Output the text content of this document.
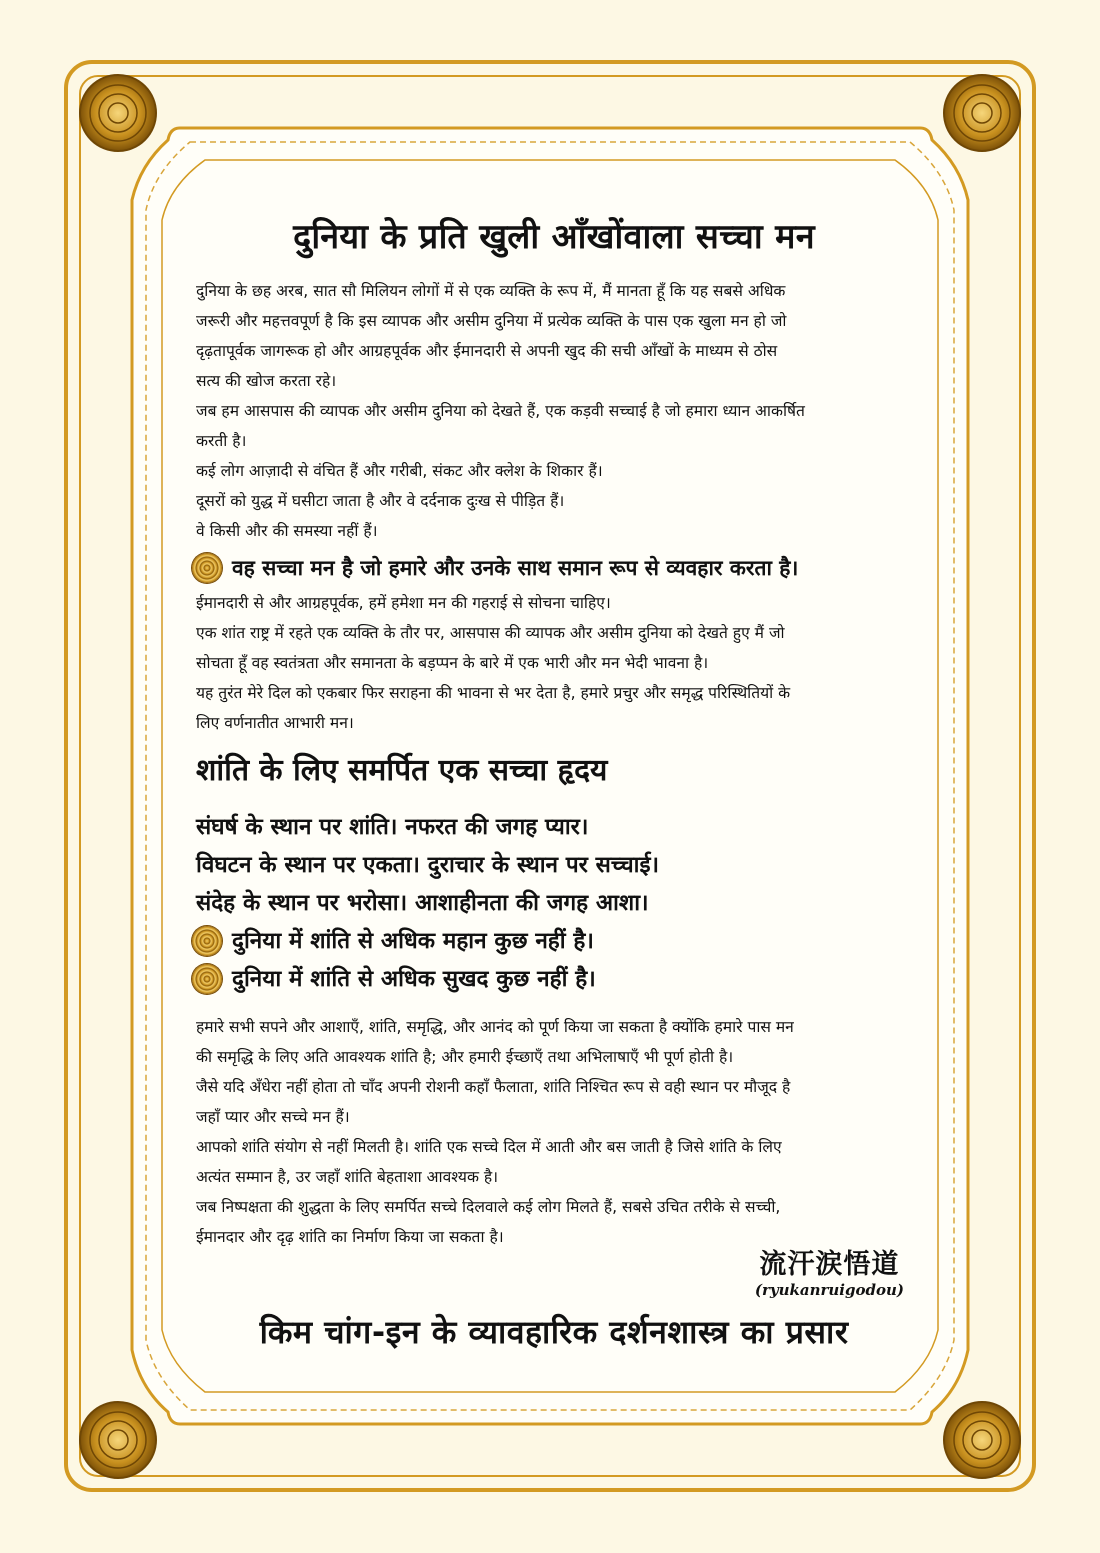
दुनिया के प्रति खुली आँखोंवाला सच्चा मन

दुनिया के छह अरब, सात सौ मिलियन लोगों में से एक व्यक्ति के रूप में, मैं मानता हूँ कि यह सबसे अधिक

जरूरी और महत्तवपूर्ण है कि इस व्यापक और असीम दुनिया में प्रत्येक व्यक्ति के पास एक खुला मन हो जो

दृढ़तापूर्वक जागरूक हो और आग्रहपूर्वक और ईमानदारी से अपनी खुद की सची आँखों के माध्यम से ठोस

सत्य की खोज करता रहे।

जब हम आसपास की व्यापक और असीम दुनिया को देखते हैं, एक कड़वी सच्चाई है जो हमारा ध्यान आकर्षित

करती है।

कई लोग आज़ादी से वंचित हैं और गरीबी, संकट और क्लेश के शिकार हैं।

दूसरों को युद्ध में घसीटा जाता है और वे दर्दनाक दुःख से पीड़ित हैं।

वे किसी और की समस्या नहीं हैं।

वह सच्चा मन है जो हमारे और उनके साथ समान रूप से व्यवहार करता है।

ईमानदारी से और आग्रहपूर्वक, हमें हमेशा मन की गहराई से सोचना चाहिए।

एक शांत राष्ट्र में रहते एक व्यक्ति के तौर पर, आसपास की व्यापक और असीम दुनिया को देखते हुए मैं जो

सोचता हूँ वह स्वतंत्रता और समानता के बड़प्पन के बारे में एक भारी और मन भेदी भावना है।

यह तुरंत मेरे दिल को एकबार फिर सराहना की भावना से भर देता है, हमारे प्रचुर और समृद्ध परिस्थितियों के

लिए वर्णनातीत आभारी मन।

शांति के लिए समर्पित एक सच्चा हृदय

संघर्ष के स्थान पर शांति। नफरत की जगह प्यार।

विघटन के स्थान पर एकता। दुराचार के स्थान पर सच्चाई।

संदेह के स्थान पर भरोसा। आशाहीनता की जगह आशा।

दुनिया में शांति से अधिक महान कुछ नहीं है।
दुनिया में शांति से अधिक सुखद कुछ नहीं है।

हमारे सभी सपने और आशाएँ, शांति, समृद्धि, और आनंद को पूर्ण किया जा सकता है क्योंकि हमारे पास मन

की समृद्धि के लिए अति आवश्यक शांति है; और हमारी ईच्छाएँ तथा अभिलाषाएँ भी पूर्ण होती है।

जैसे यदि अँधेरा नहीं होता तो चाँद अपनी रोशनी कहाँ फैलाता, शांति निश्चित रूप से वही स्थान पर मौजूद है

जहाँ प्यार और सच्चे मन हैं।

आपको शांति संयोग से नहीं मिलती है। शांति एक सच्चे दिल में आती और बस जाती है जिसे शांति के लिए

अत्यंत सम्मान है, उर जहाँ शांति बेहताशा आवश्यक है।

जब निष्पक्षता की शुद्धता के लिए समर्पित सच्चे दिलवाले कई लोग मिलते हैं, सबसे उचित तरीके से सच्ची,

ईमानदार और दृढ़ शांति का निर्माण किया जा सकता है।

流汗涙悟道
(ryukanruigodou)
किम चांग-इन के व्यावहारिक दर्शनशास्त्र का प्रसार
